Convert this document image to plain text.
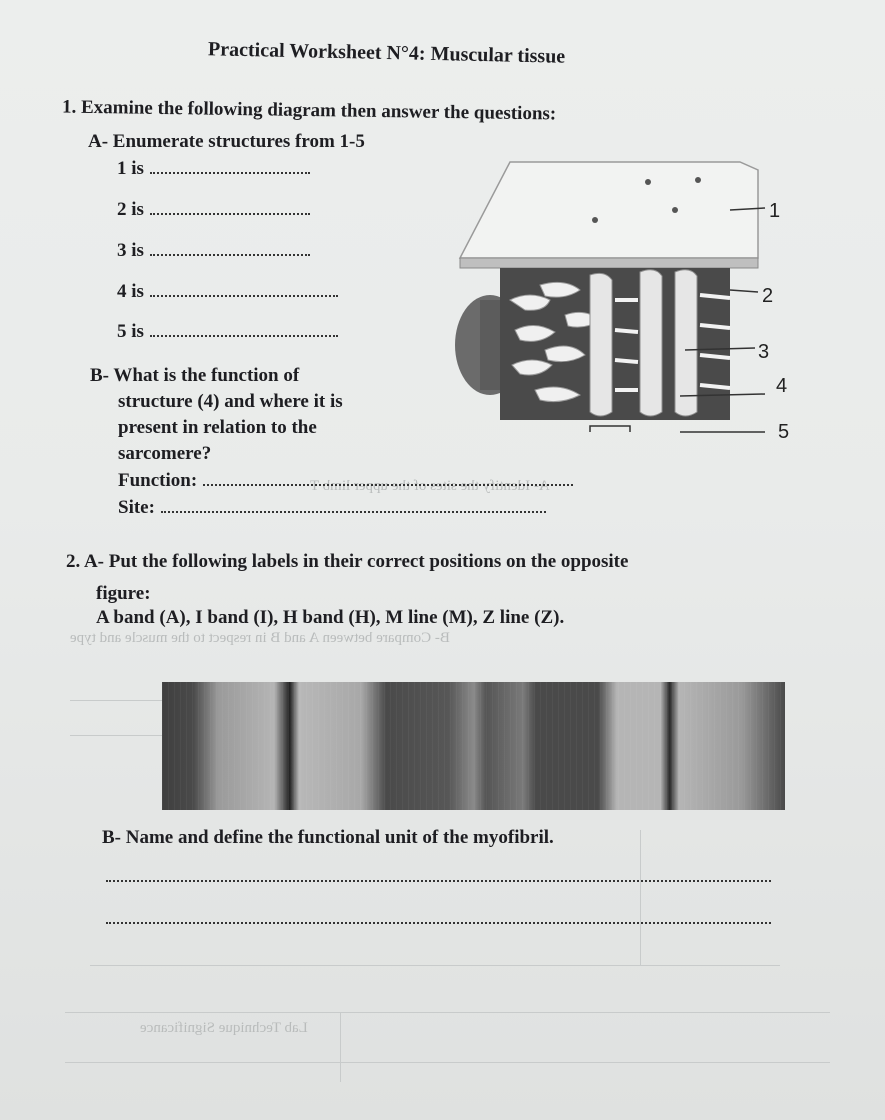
A- Identify the sites of the upper limb T
B- Compare between A and B in respect to the muscle and type
Lab Technique Significance
Practical Worksheet N°4: Muscular tissue
1. Examine the following diagram then answer the questions:
A- Enumerate structures from 1-5
1 is
2 is
3 is
4 is
5 is
B- What is the function of
structure (4) and where it is
present in relation to the
sarcomere?
Function:
Site:
1
2
3
4
5
2. A- Put the following labels in their correct positions on the opposite
figure:
A band (A), I band (I), H band (H), M line (M), Z line (Z).
B- Name and define the functional unit of the myofibril.
